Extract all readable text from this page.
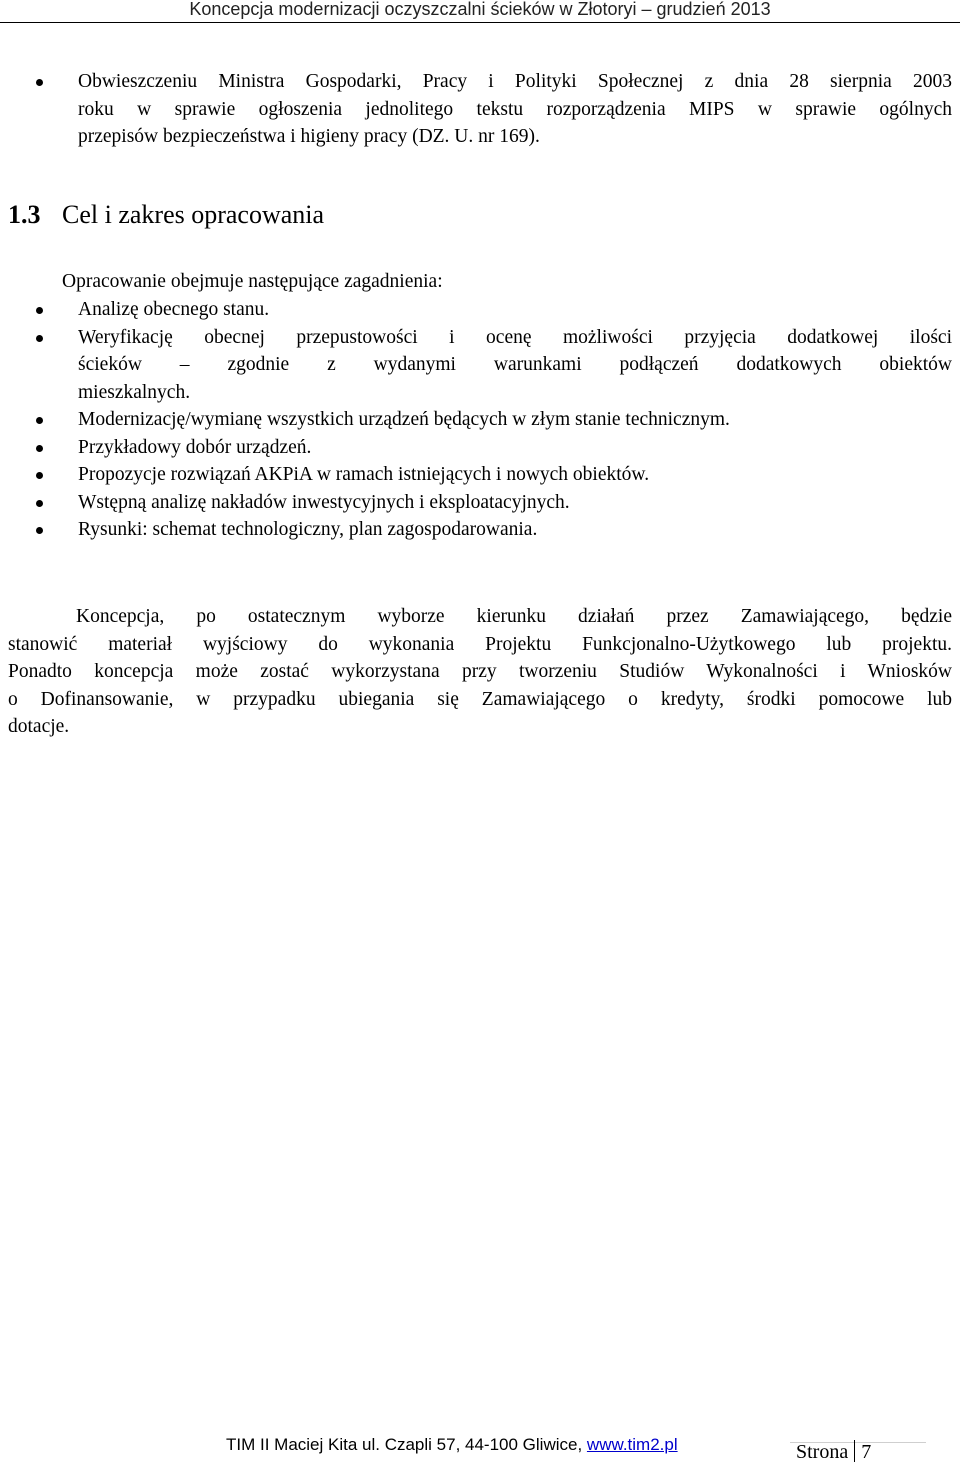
Koncepcja modernizacji oczyszczalni ścieków w Złotoryi – grudzień 2013
Obwieszczeniu Ministra Gospodarki, Pracy i Polityki Społecznej z dnia 28 sierpnia 2003
roku w sprawie ogłoszenia jednolitego tekstu rozporządzenia MIPS w sprawie ogólnych
przepisów bezpieczeństwa i higieny pracy (DZ. U. nr 169).
1.3 Cel i zakres opracowania

Opracowanie obejmuje następujące zagadnienia:

Analizę obecnego stanu.
Weryfikację obecnej przepustowości i ocenę możliwości przyjęcia dodatkowej ilości
ścieków – zgodnie z wydanymi warunkami podłączeń dodatkowych obiektów
mieszkalnych.
Modernizację/wymianę wszystkich urządzeń będących w złym stanie technicznym.
Przykładowy dobór urządzeń.
Propozycje rozwiązań AKPiA w ramach istniejących i nowych obiektów.
Wstępną analizę nakładów inwestycyjnych i eksploatacyjnych.
Rysunki: schemat technologiczny, plan zagospodarowania.
Koncepcja, po ostatecznym wyborze kierunku działań przez Zamawiającego, będzie
stanowić materiał wyjściowy do wykonania Projektu Funkcjonalno-Użytkowego lub projektu.
Ponadto koncepcja może zostać wykorzystana przy tworzeniu Studiów Wykonalności i Wniosków
o Dofinansowanie, w przypadku ubiegania się Zamawiającego o kredyty, środki pomocowe lub
dotacje.
TIM II Maciej Kita ul. Czapli 57, 44-100 Gliwice, www.tim2.pl	Strona 7
